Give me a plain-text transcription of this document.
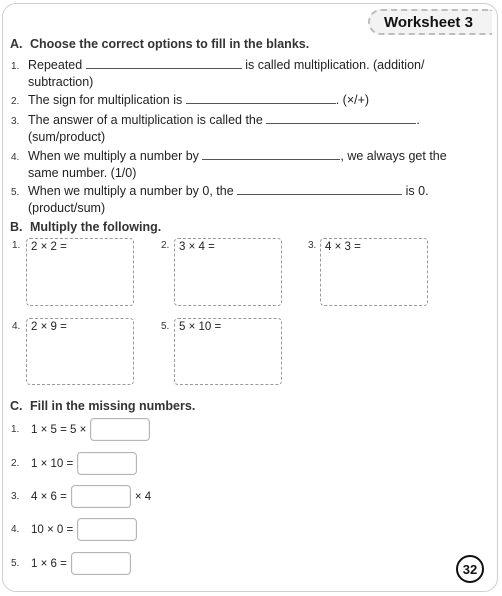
Worksheet 3
A. Choose the correct options to fill in the blanks.
1. Repeated	is called multiplication. (addition/
subtraction)
2. The sign for multiplication is	. (×/+)
3. The answer of a multiplication is called the	.
(sum/product)
4. When we multiply a number by	, we always get the
same number. (1/0)
5. When we multiply a number by 0, the	is 0.
(product/sum)
B. Multiply the following.
1. 2 × 2 =	2. 3 × 4 =	3. 4 × 3 =
4. 2 × 9 =	5. 5 × 10 =
C. Fill in the missing numbers.
1.	1 × 5 = 5 ×
2.	1 × 10 =
3.	4 × 6 =	× 4
4.	10 × 0 =
5.	1 × 6 =	32
